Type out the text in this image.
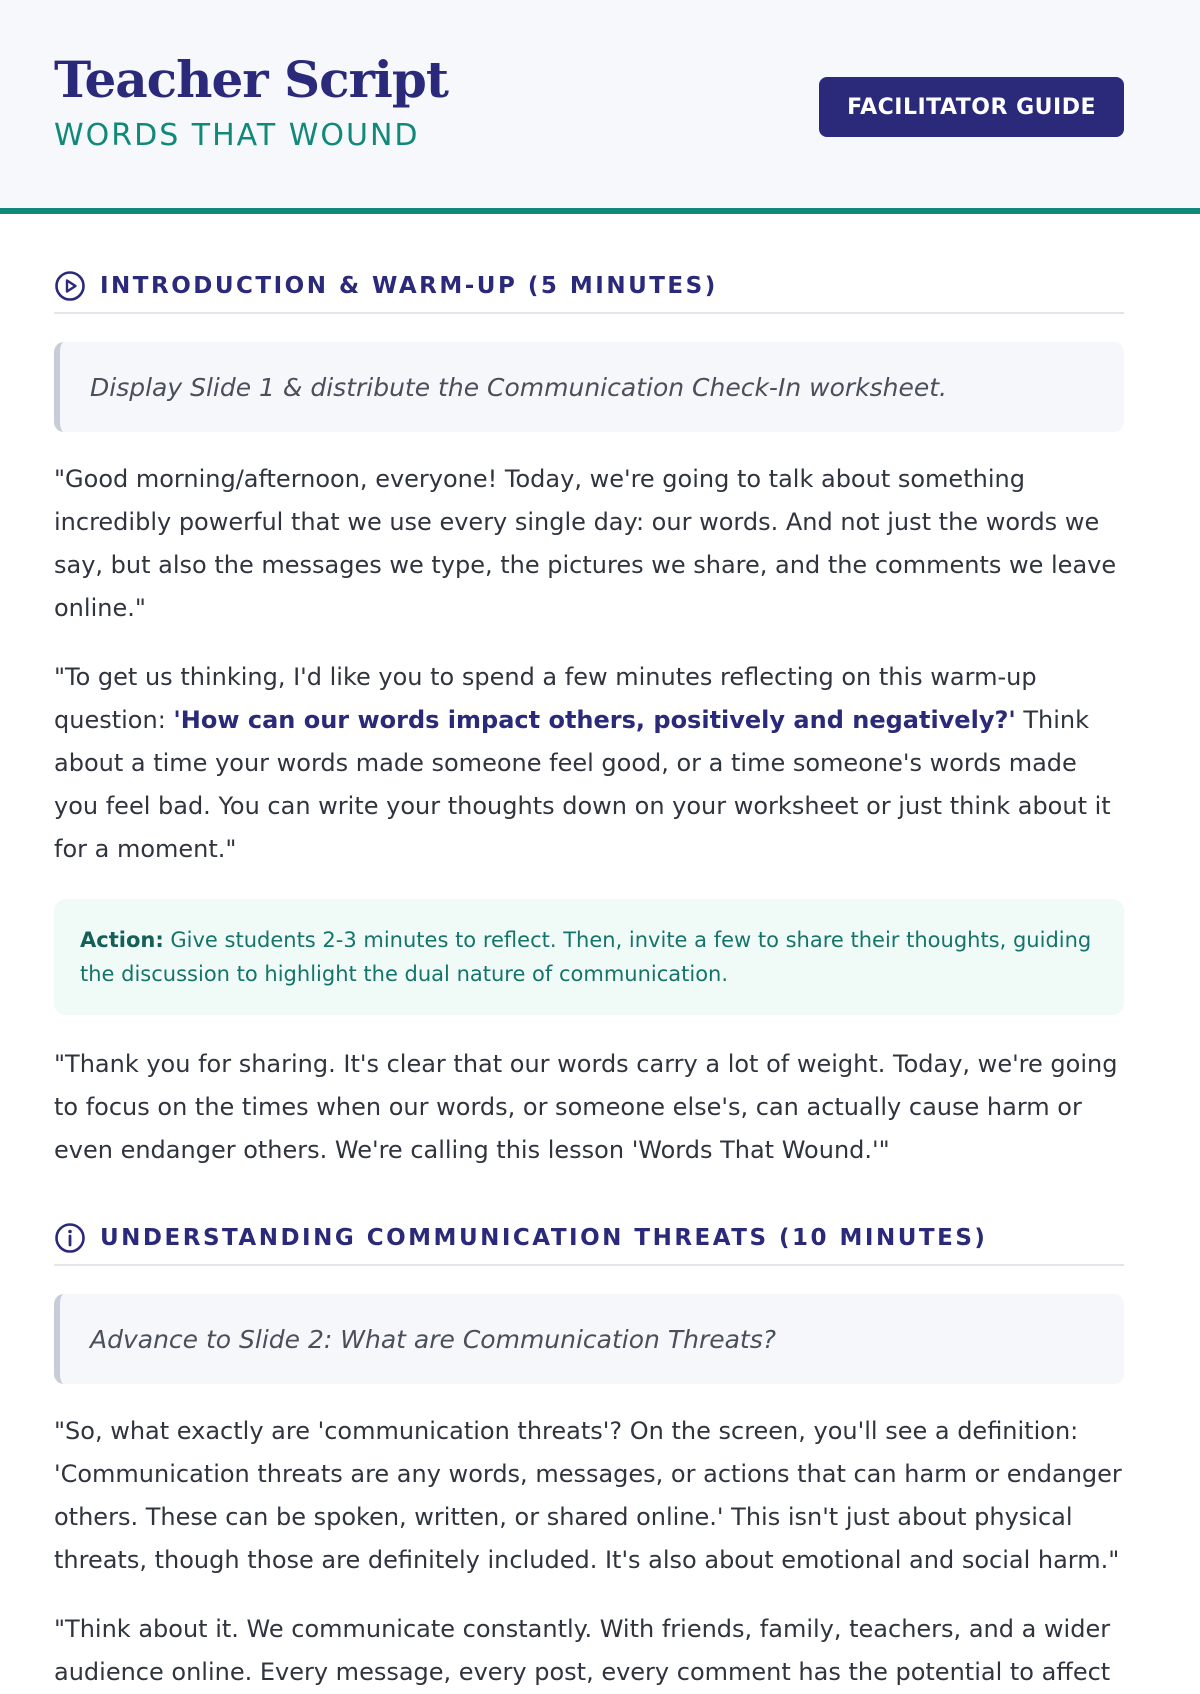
Teacher Script
WORDS THAT WOUND
FACILITATOR GUIDE
INTRODUCTION & WARM-UP (5 MINUTES)
Display Slide 1 & distribute the Communication Check-In worksheet.

"Good morning/afternoon, everyone! Today, we're going to talk about something incredibly powerful that we use every single day: our words. And not just the words we say, but also the messages we type, the pictures we share, and the comments we leave online."

"To get us thinking, I'd like you to spend a few minutes reflecting on this warm-up question: 'How can our words impact others, positively and negatively?' Think about a time your words made someone feel good, or a time someone's words made you feel bad. You can write your thoughts down on your worksheet or just think about it for a moment."

Action: Give students 2-3 minutes to reflect. Then, invite a few to share their thoughts, guiding the discussion to highlight the dual nature of communication.

"Thank you for sharing. It's clear that our words carry a lot of weight. Today, we're going to focus on the times when our words, or someone else's, can actually cause harm or even endanger others. We're calling this lesson 'Words That Wound.'"

UNDERSTANDING COMMUNICATION THREATS (10 MINUTES)
Advance to Slide 2: What are Communication Threats?

"So, what exactly are 'communication threats'? On the screen, you'll see a definition: 'Communication threats are any words, messages, or actions that can harm or endanger others. These can be spoken, written, or shared online.' This isn't just about physical threats, though those are definitely included. It's also about emotional and social harm."

"Think about it. We communicate constantly. With friends, family, teachers, and a wider audience online. Every message, every post, every comment has the potential to affect
